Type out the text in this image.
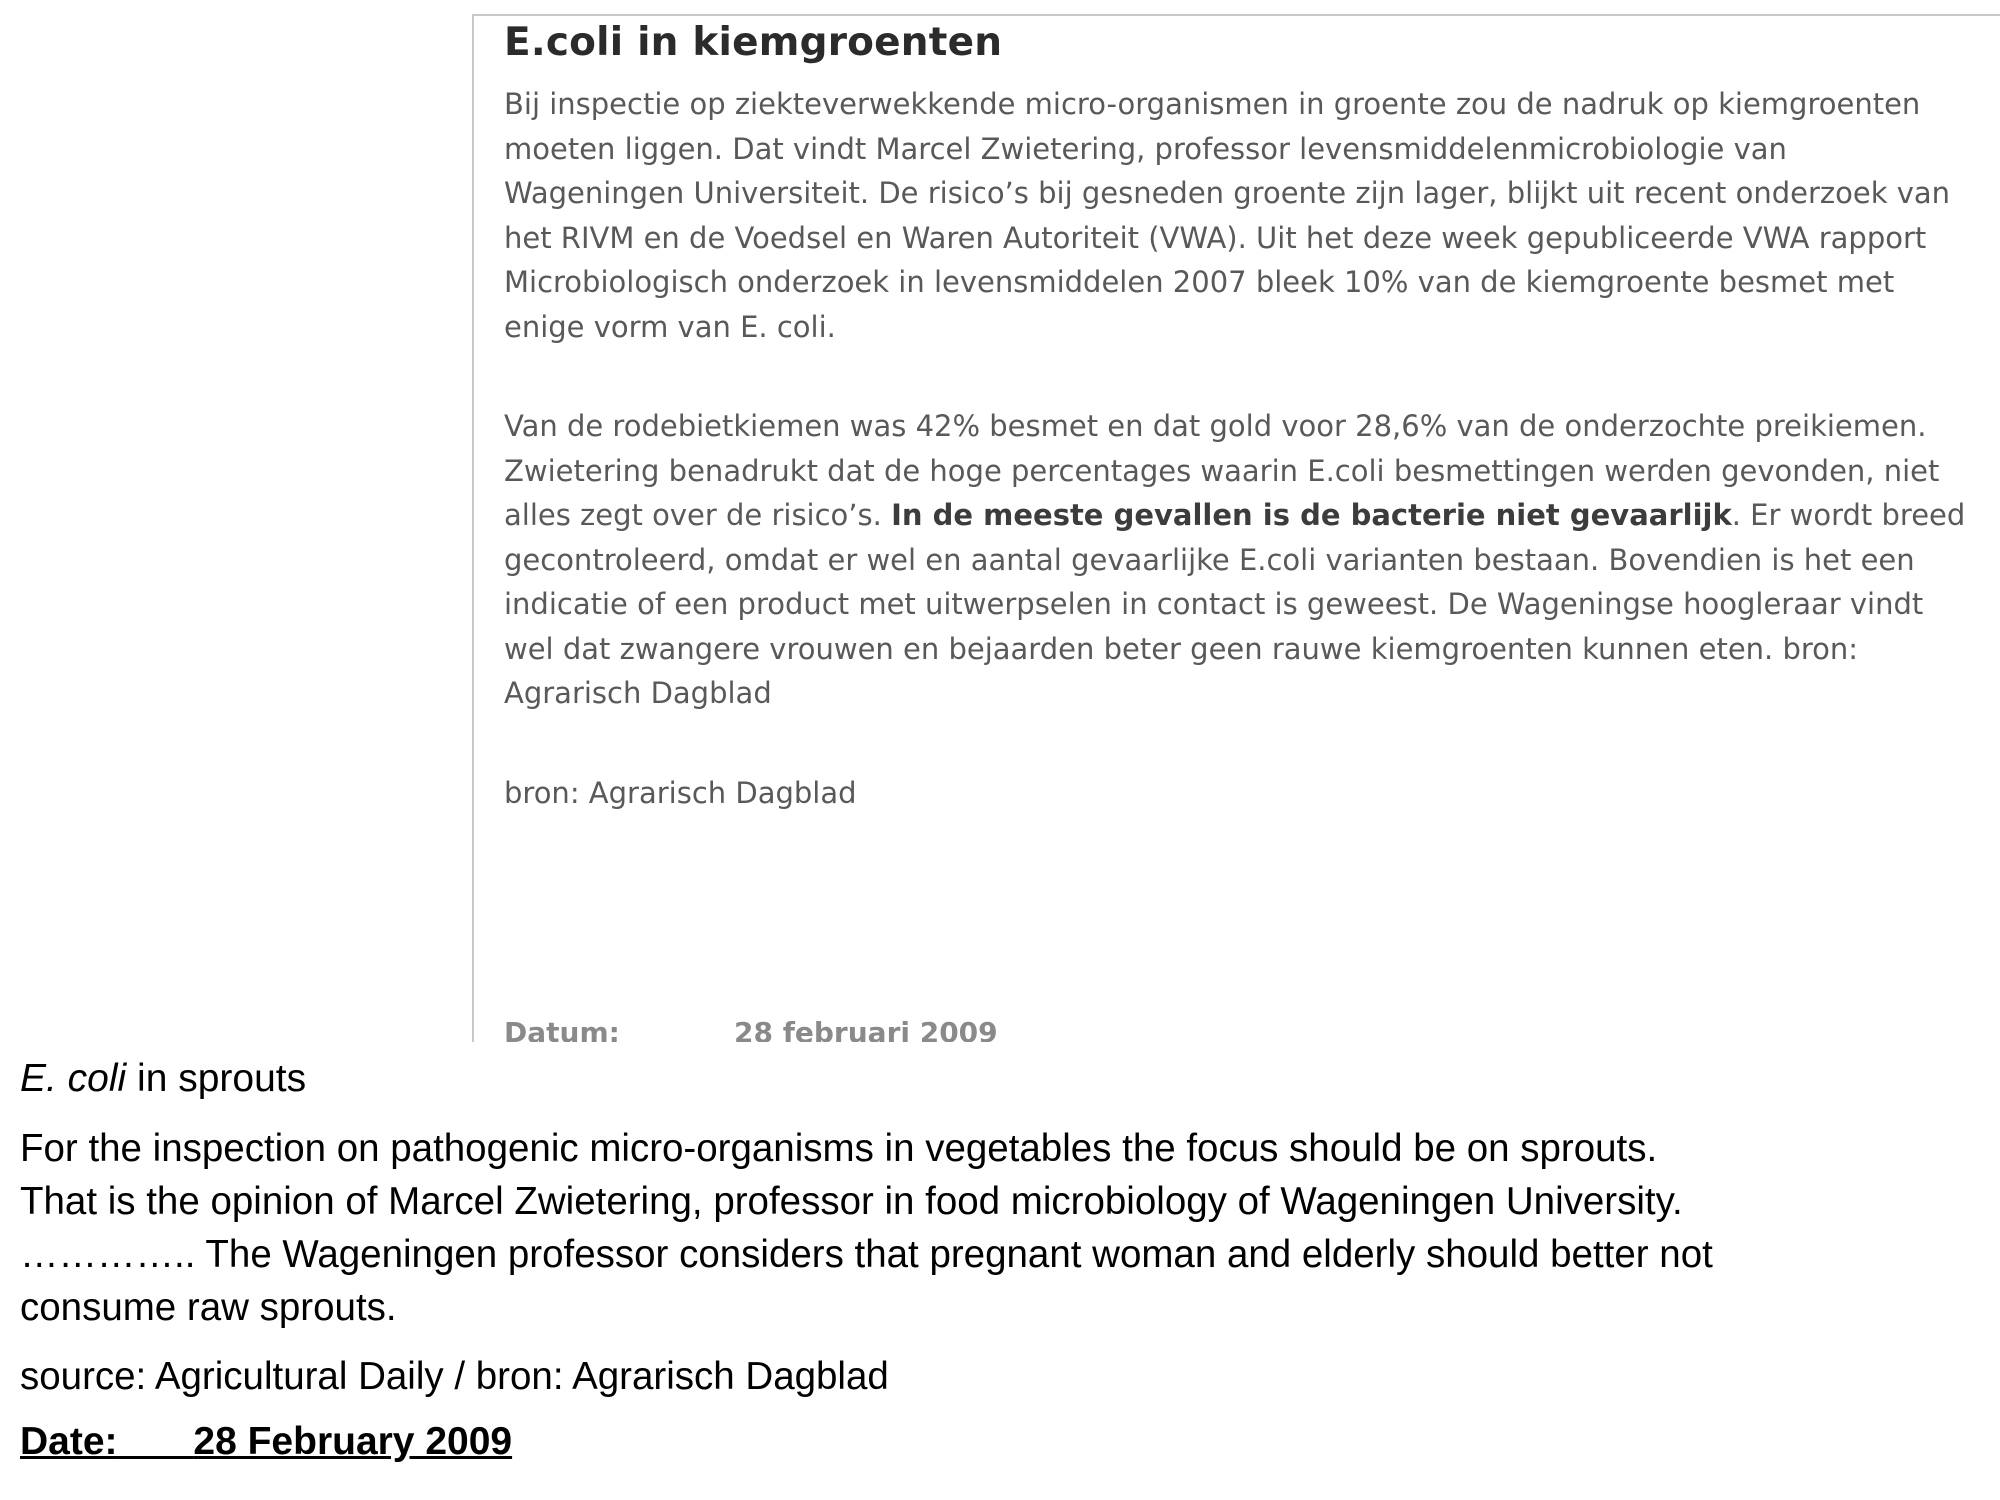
E.coli in kiemgroenten

Bij inspectie op ziekteverwekkende micro-organismen in groente zou de nadruk op kiemgroenten moeten liggen. Dat vindt Marcel Zwietering, professor levensmiddelenmicrobiologie van Wageningen Universiteit. De risico’s bij gesneden groente zijn lager, blijkt uit recent onderzoek van het RIVM en de Voedsel en Waren Autoriteit (VWA). Uit het deze week gepubliceerde VWA rapport Microbiologisch onderzoek in levensmiddelen 2007 bleek 10% van de kiemgroente besmet met enige vorm van E. coli.

Van de rodebietkiemen was 42% besmet en dat gold voor 28,6% van de onderzochte preikiemen. Zwietering benadrukt dat de hoge percentages waarin E.coli besmettingen werden gevonden, niet alles zegt over de risico’s. In de meeste gevallen is de bacterie niet gevaarlijk. Er wordt breed gecontroleerd, omdat er wel en aantal gevaarlijke E.coli varianten bestaan. Bovendien is het een indicatie of een product met uitwerpselen in contact is geweest. De Wageningse hoogleraar vindt wel dat zwangere vrouwen en bejaarden beter geen rauwe kiemgroenten kunnen eten. bron: Agrarisch Dagblad

bron: Agrarisch Dagblad

Datum:	28 februari 2009
E. coli in sprouts
For the inspection on pathogenic micro-organisms in vegetables the focus should be on sprouts.
That is the opinion of Marcel Zwietering, professor in food microbiology of Wageningen University.
………….. The Wageningen professor considers that pregnant woman and elderly should better not
consume raw sprouts.
source: Agricultural Daily / bron: Agrarisch Dagblad
Date: 28 February 2009
